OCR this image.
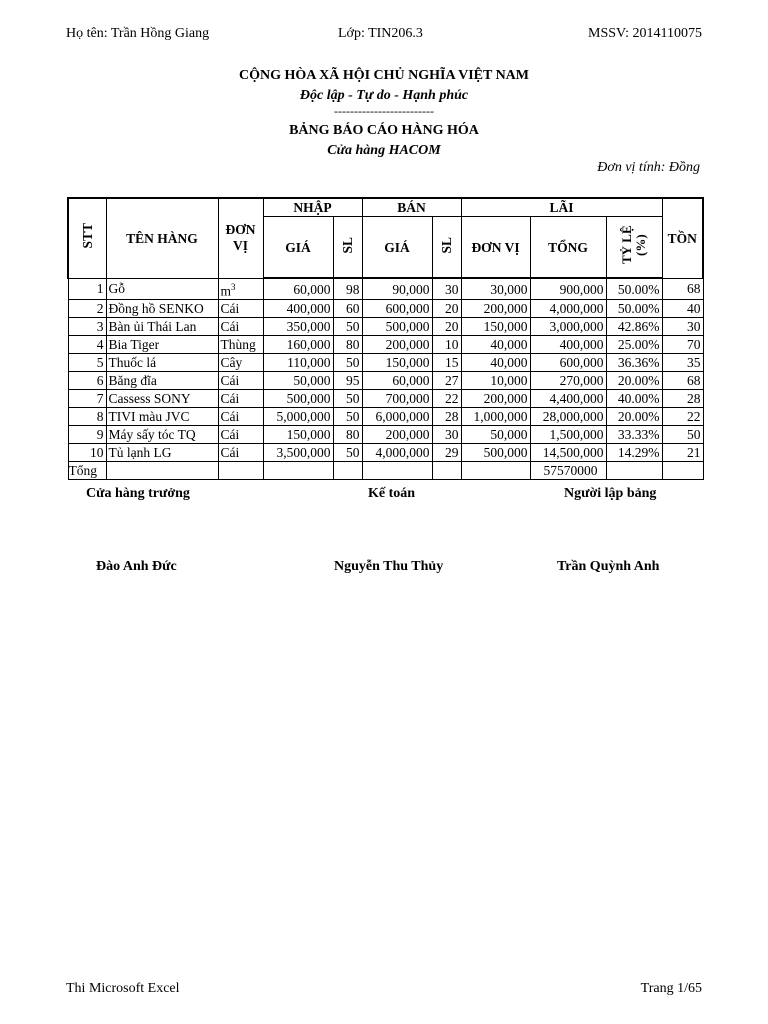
Họ tên: Trần Hồng Giang	Lớp: TIN206.3	MSSV: 2014110075
CỘNG HÒA XÃ HỘI CHỦ NGHĨA VIỆT NAM
Độc lập - Tự do - Hạnh phúc
-------------------------
BẢNG BÁO CÁO HÀNG HÓA
Cửa hàng HACOM
Đơn vị tính: Đồng
STT	TÊN HÀNG	ĐƠN VỊ	NHẬP		BÁN		LÃI			TỒN
			GIÁ	SL	GIÁ	SL	ĐƠN VỊ	TỔNG	TỶ LỆ (%)	
1	Gỗ	$m^3$	60,000	98	90,000	30	30,000	900,000	50.00%	68
2	Đồng hồ SENKO	Cái	400,000	60	600,000	20	200,000	4,000,000	50.00%	40
3	Bàn ủi Thái Lan	Cái	350,000	50	500,000	20	150,000	3,000,000	42.86%	30
4	Bia Tiger	Thùng	160,000	80	200,000	10	40,000	400,000	25.00%	70
5	Thuốc lá	Cây	110,000	50	150,000	15	40,000	600,000	36.36%	35
6	Băng đĩa	Cái	50,000	95	60,000	27	10,000	270,000	20.00%	68
7	Cassess SONY	Cái	500,000	50	700,000	22	200,000	4,400,000	40.00%	28
8	TIVI màu JVC	Cái	5,000,000	50	6,000,000	28	1,000,000	28,000,000	20.00%	22
9	Máy sấy tóc TQ	Cái	150,000	80	200,000	30	50,000	1,500,000	33.33%	50
10	Tủ lạnh LG	Cái	3,500,000	50	4,000,000	29	500,000	14,500,000	14.29%	21
Tổng								57570000		
Cửa hàng trưởng	Kế toán	Người lập bảng
Đào Anh Đức	Nguyễn Thu Thủy	Trần Quỳnh Anh
Thi Microsoft Excel	Trang 1/65
